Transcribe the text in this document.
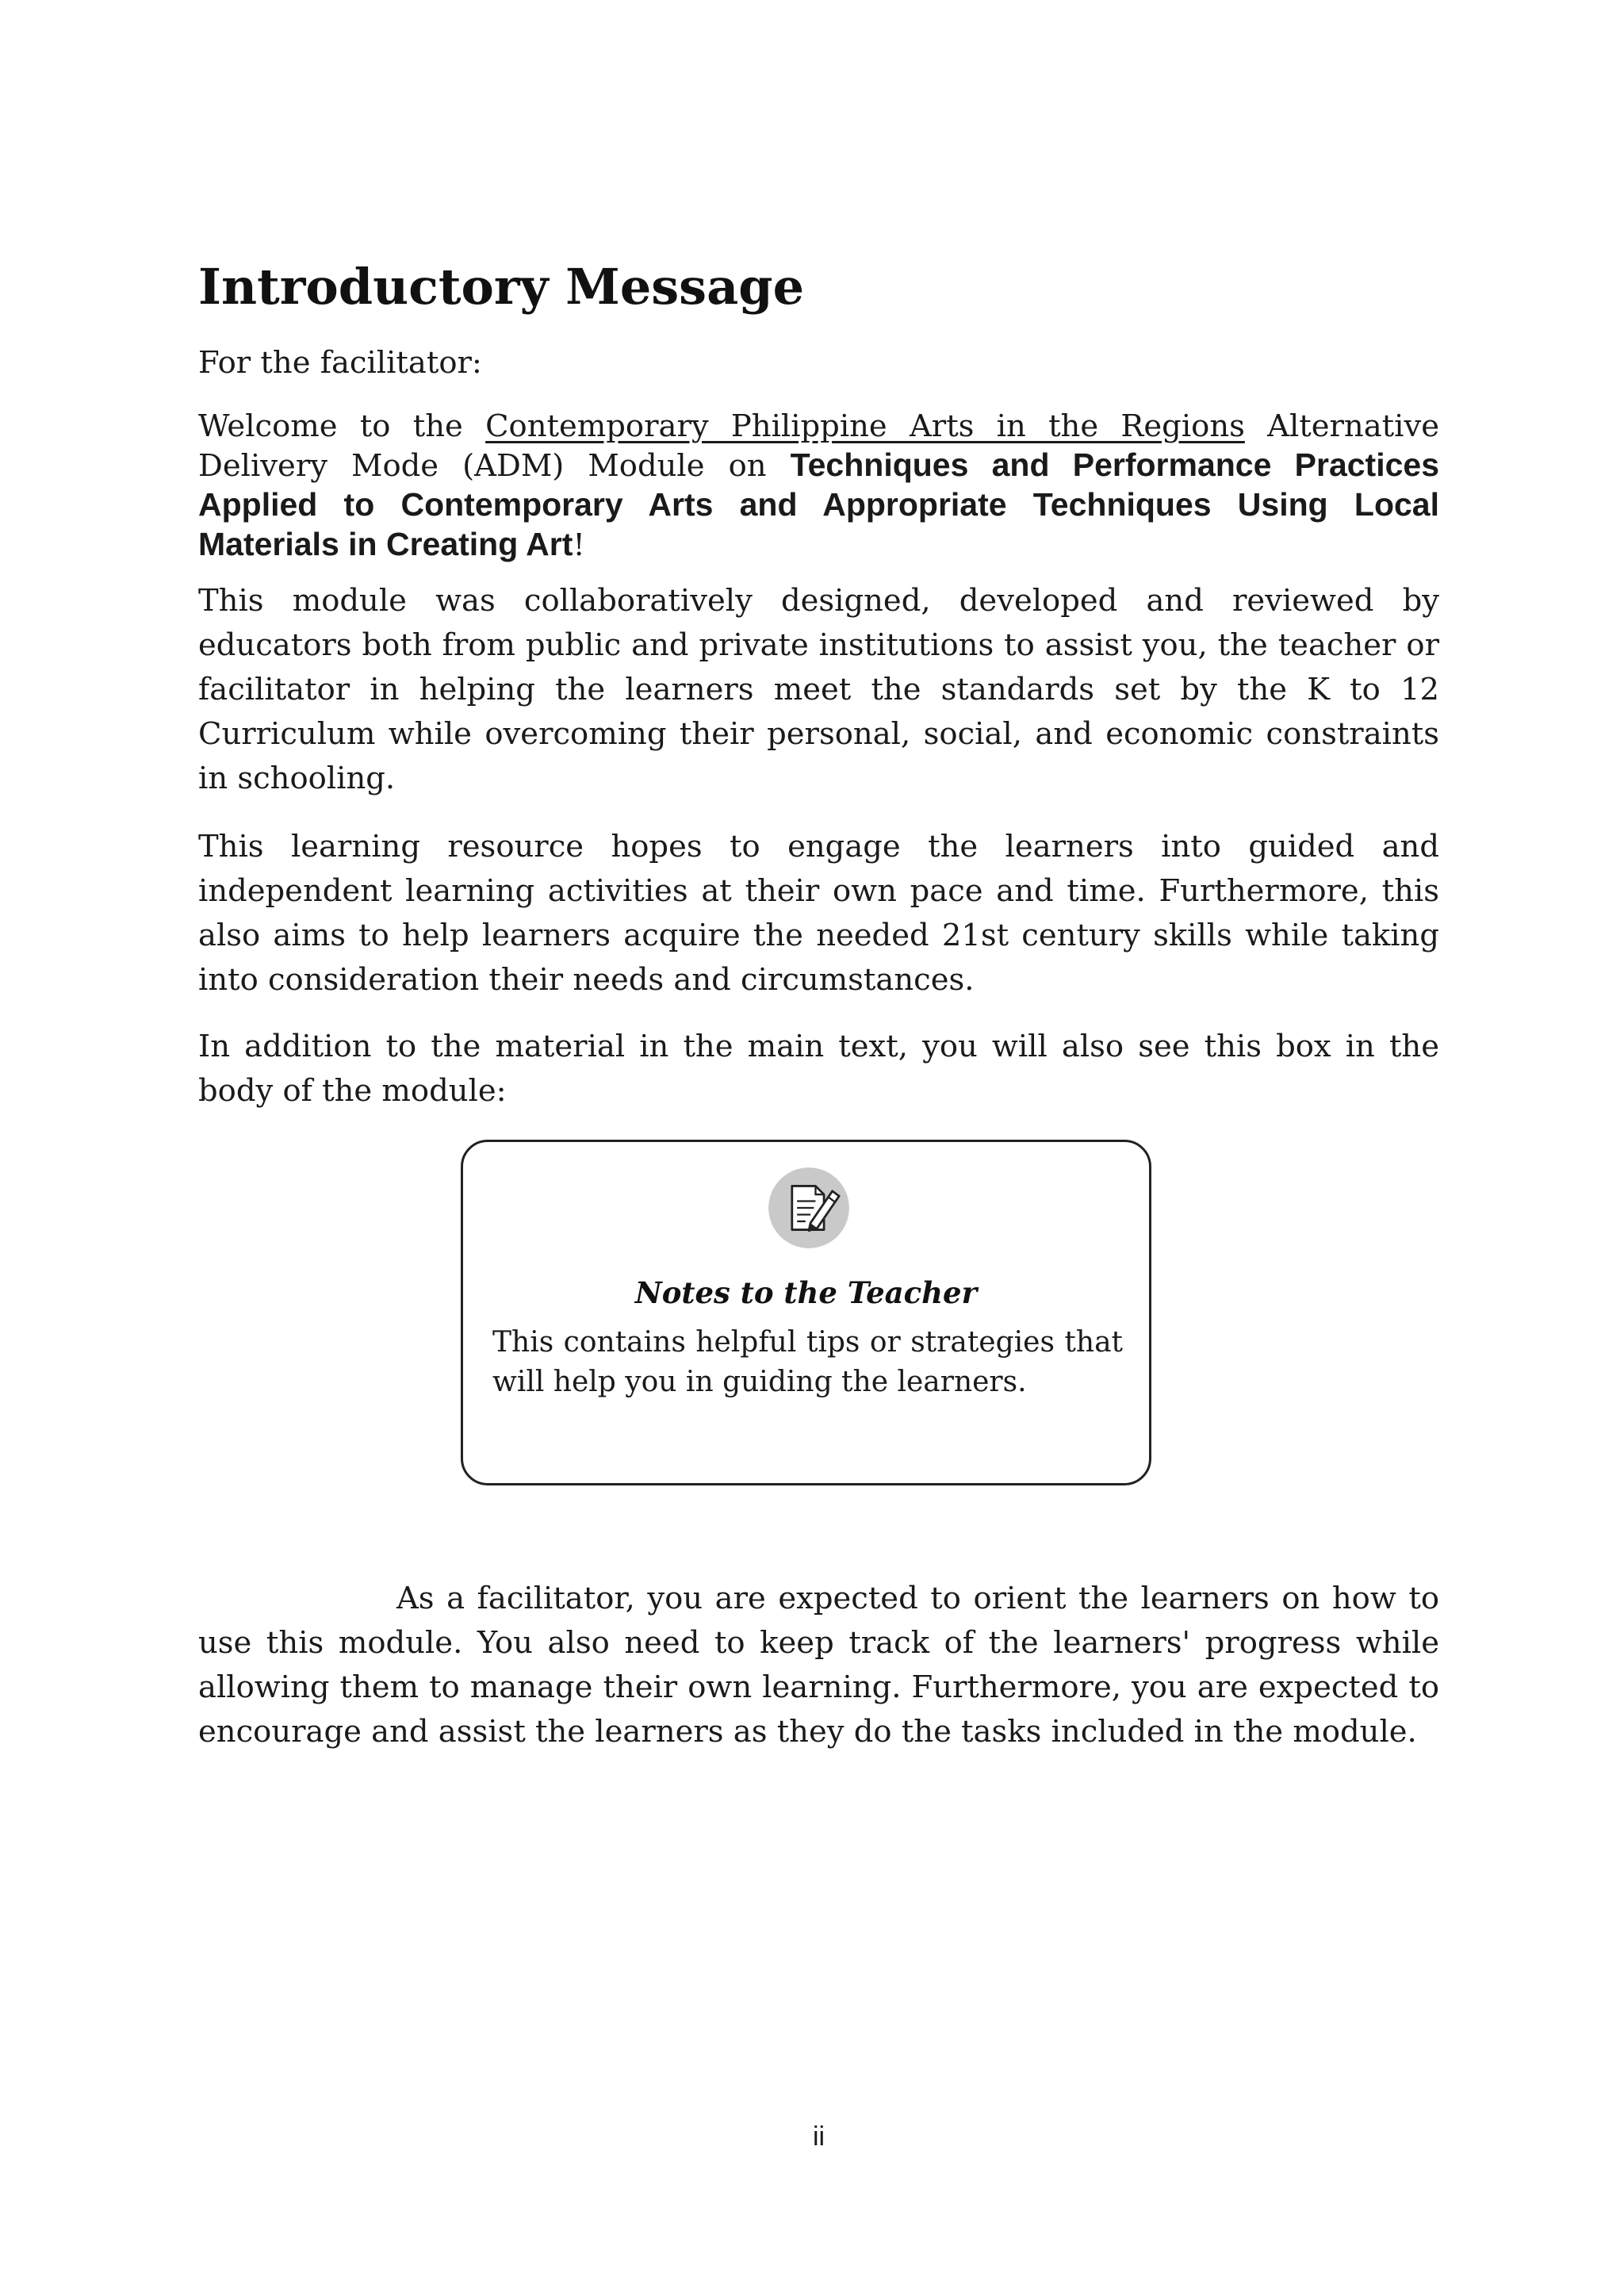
Introductory Message

For the facilitator:

Welcome to the Contemporary Philippine Arts in the Regions Alternative Delivery Mode (ADM) Module on Techniques and Performance Practices Applied to Contemporary Arts and Appropriate Techniques Using Local Materials in Creating Art!

This module was collaboratively designed, developed and reviewed by educators both from public and private institutions to assist you, the teacher or facilitator in helping the learners meet the standards set by the K to 12 Curriculum while overcoming their personal, social, and economic constraints in schooling.

This learning resource hopes to engage the learners into guided and independent learning activities at their own pace and time. Furthermore, this also aims to help learners acquire the needed 21st century skills while taking into consideration their needs and circumstances.

In addition to the material in the main text, you will also see this box in the body of the module:

Notes to the Teacher

This contains helpful tips or strategies that will help you in guiding the learners.

As a facilitator, you are expected to orient the learners on how to use this module. You also need to keep track of the learners' progress while allowing them to manage their own learning. Furthermore, you are expected to encourage and assist the learners as they do the tasks included in the module.

ii
